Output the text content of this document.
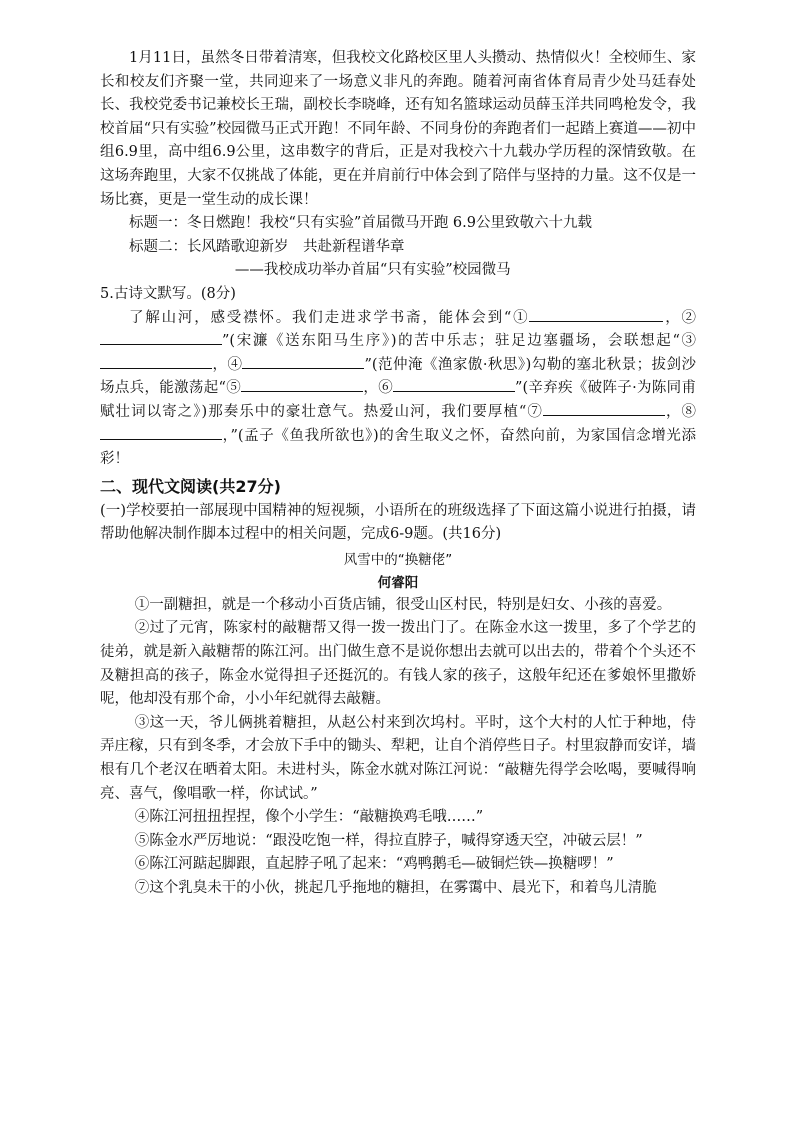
1月11日，虽然冬日带着清寒，但我校文化路校区里人头攒动、热情似火！全校师生、家长和校友们齐聚一堂，共同迎来了一场意义非凡的奔跑。随着河南省体育局青少处马廷春处长、我校党委书记兼校长王瑞，副校长李晓峰，还有知名篮球运动员薛玉洋共同鸣枪发令，我校首届“只有实验”校园微马正式开跑！不同年龄、不同身份的奔跑者们一起踏上赛道——初中组6.9里，高中组6.9公里，这串数字的背后，正是对我校六十九载办学历程的深情致敬。在这场奔跑里，大家不仅挑战了体能，更在并肩前行中体会到了陪伴与坚持的力量。这不仅是一场比赛，更是一堂生动的成长课！

标题一：冬日燃跑！我校“只有实验”首届微马开跑 6.9公里致敬六十九载

标题二：长风踏歌迎新岁　共赴新程谱华章

——我校成功举办首届“只有实验”校园微马

5.古诗文默写。(8分)

了解山河，感受襟怀。我们走进求学书斋，能体会到“①	，②”(宋濂《送东阳马生序》)的苦中乐志；驻足边塞疆场，会联想起“③，④	”(范仲淹《渔家傲·秋思》)勾勒的塞北秋景；拔剑沙场点兵，能激荡起“⑤	，⑥	”(辛弃疾《破阵子·为陈同甫赋壮词以寄之》)那奏乐中的豪壮意气。热爱山河，我们要厚植“⑦	，⑧，”(孟子《鱼我所欲也》)的舍生取义之怀，奋然向前，为家国信念增光添彩！

二、现代文阅读(共27分)

(一)学校要拍一部展现中国精神的短视频，小语所在的班级选择了下面这篇小说进行拍摄，请帮助他解决制作脚本过程中的相关问题，完成6-9题。(共16分)

风雪中的“换糖佬”

何睿阳

①一副糖担，就是一个移动小百货店铺，很受山区村民，特别是妇女、小孩的喜爱。

②过了元宵，陈家村的敲糖帮又得一拨一拨出门了。在陈金水这一拨里，多了个学艺的徒弟，就是新入敲糖帮的陈江河。出门做生意不是说你想出去就可以出去的，带着个个头还不及糖担高的孩子，陈金水觉得担子还挺沉的。有钱人家的孩子，这般年纪还在爹娘怀里撒娇呢，他却没有那个命，小小年纪就得去敲糖。

③这一天，爷儿俩挑着糖担，从赵公村来到次坞村。平时，这个大村的人忙于种地，侍弄庄稼，只有到冬季，才会放下手中的锄头、犁耙，让自个消停些日子。村里寂静而安详，墙根有几个老汉在晒着太阳。未进村头，陈金水就对陈江河说：“敲糖先得学会吆喝，要喊得响亮、喜气，像唱歌一样，你试试。”

④陈江河扭扭捏捏，像个小学生：“敲糖换鸡毛哦……”

⑤陈金水严厉地说：“跟没吃饱一样，得拉直脖子，喊得穿透天空，冲破云层！”

⑥陈江河踮起脚跟，直起脖子吼了起来：“鸡鸭鹅毛—破铜烂铁—换糖啰！”

⑦这个乳臭未干的小伙，挑起几乎拖地的糖担，在雾霭中、晨光下，和着鸟儿清脆
